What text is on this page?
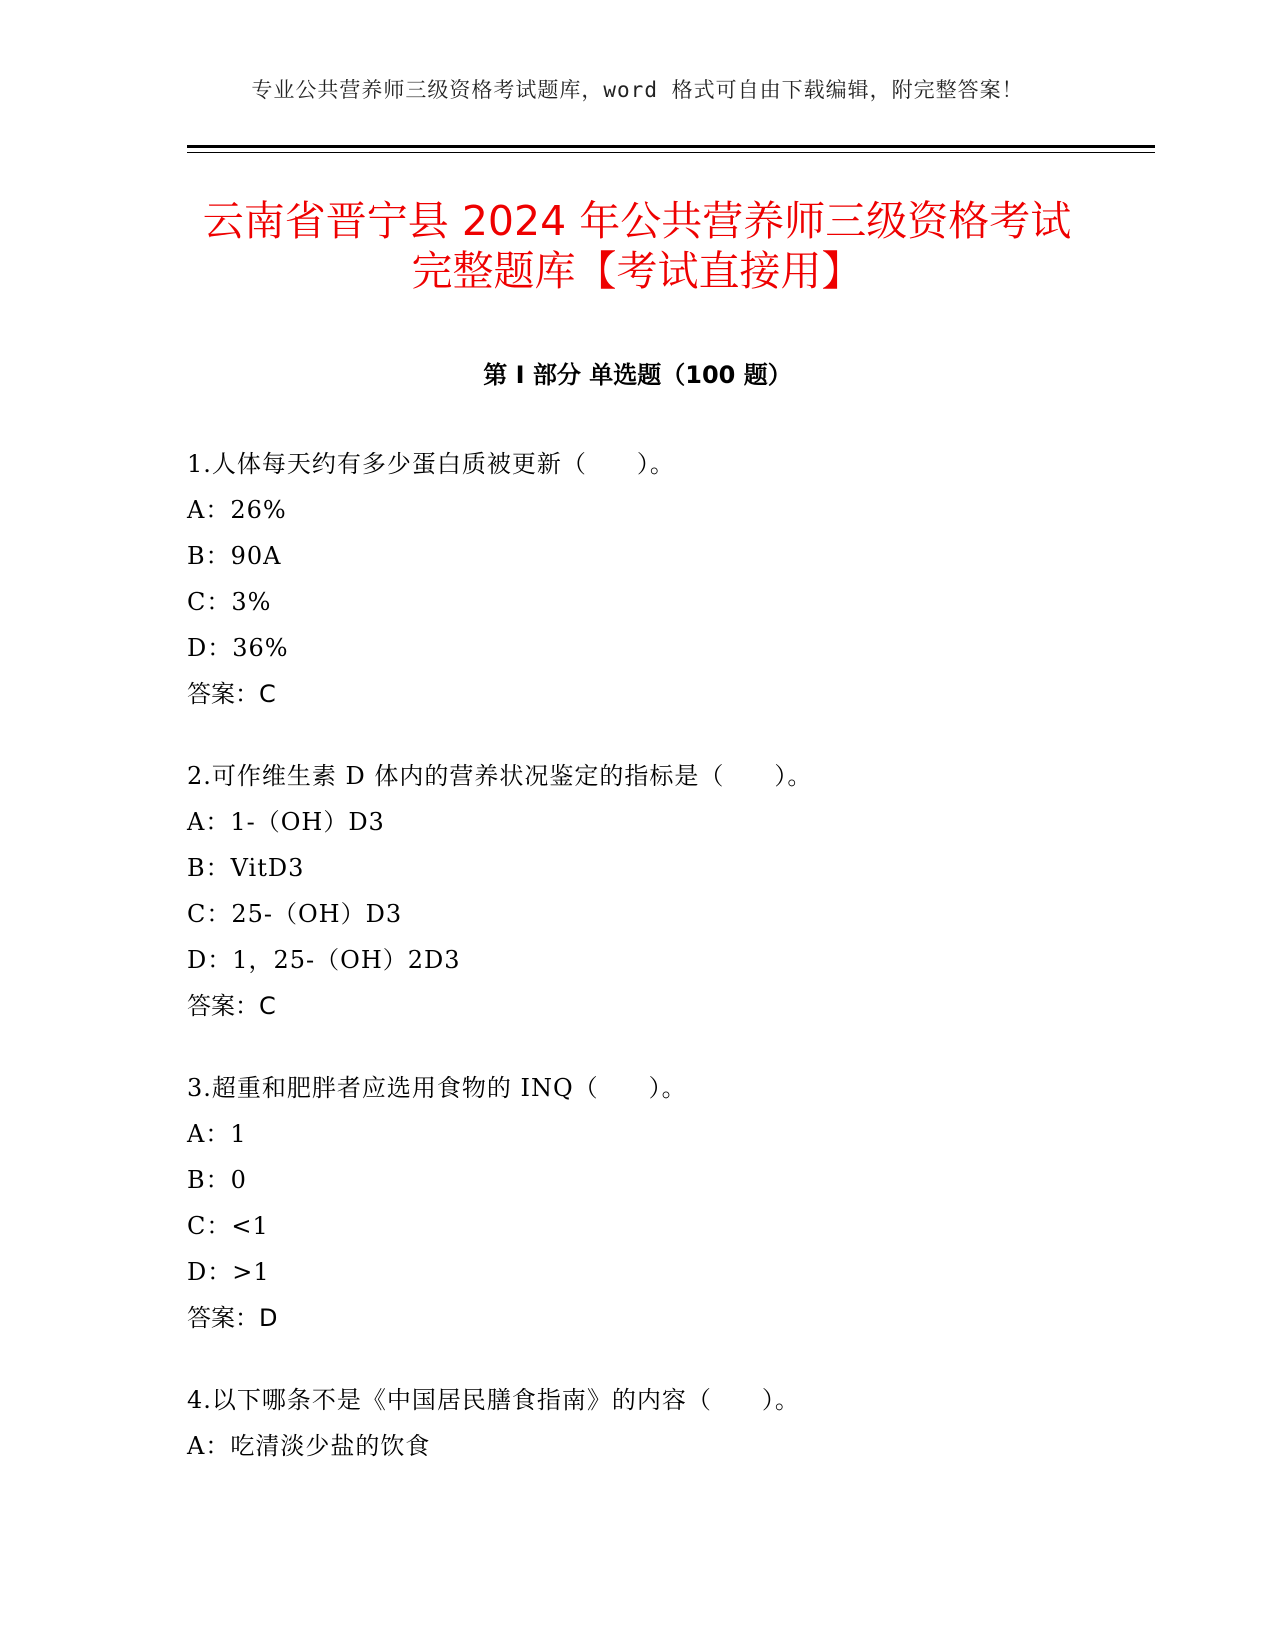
专业公共营养师三级资格考试题库，word 格式可自由下载编辑，附完整答案！
云南省晋宁县 2024 年公共营养师三级资格考试完整题库【考试直接用】
第 I 部分 单选题（100 题）
1.人体每天约有多少蛋白质被更新（　　）。
A：26%
B：90A
C：3%
D：36%
答案：C
2.可作维生素 D 体内的营养状况鉴定的指标是（　　）。
A：1-（OH）D3
B：VitD3
C：25-（OH）D3
D：1，25-（OH）2D3
答案：C
3.超重和肥胖者应选用食物的 INQ（　　）。
A：1
B：0
C：<1
D：>1
答案：D
4.以下哪条不是《中国居民膳食指南》的内容（　　）。
A：吃清淡少盐的饮食
